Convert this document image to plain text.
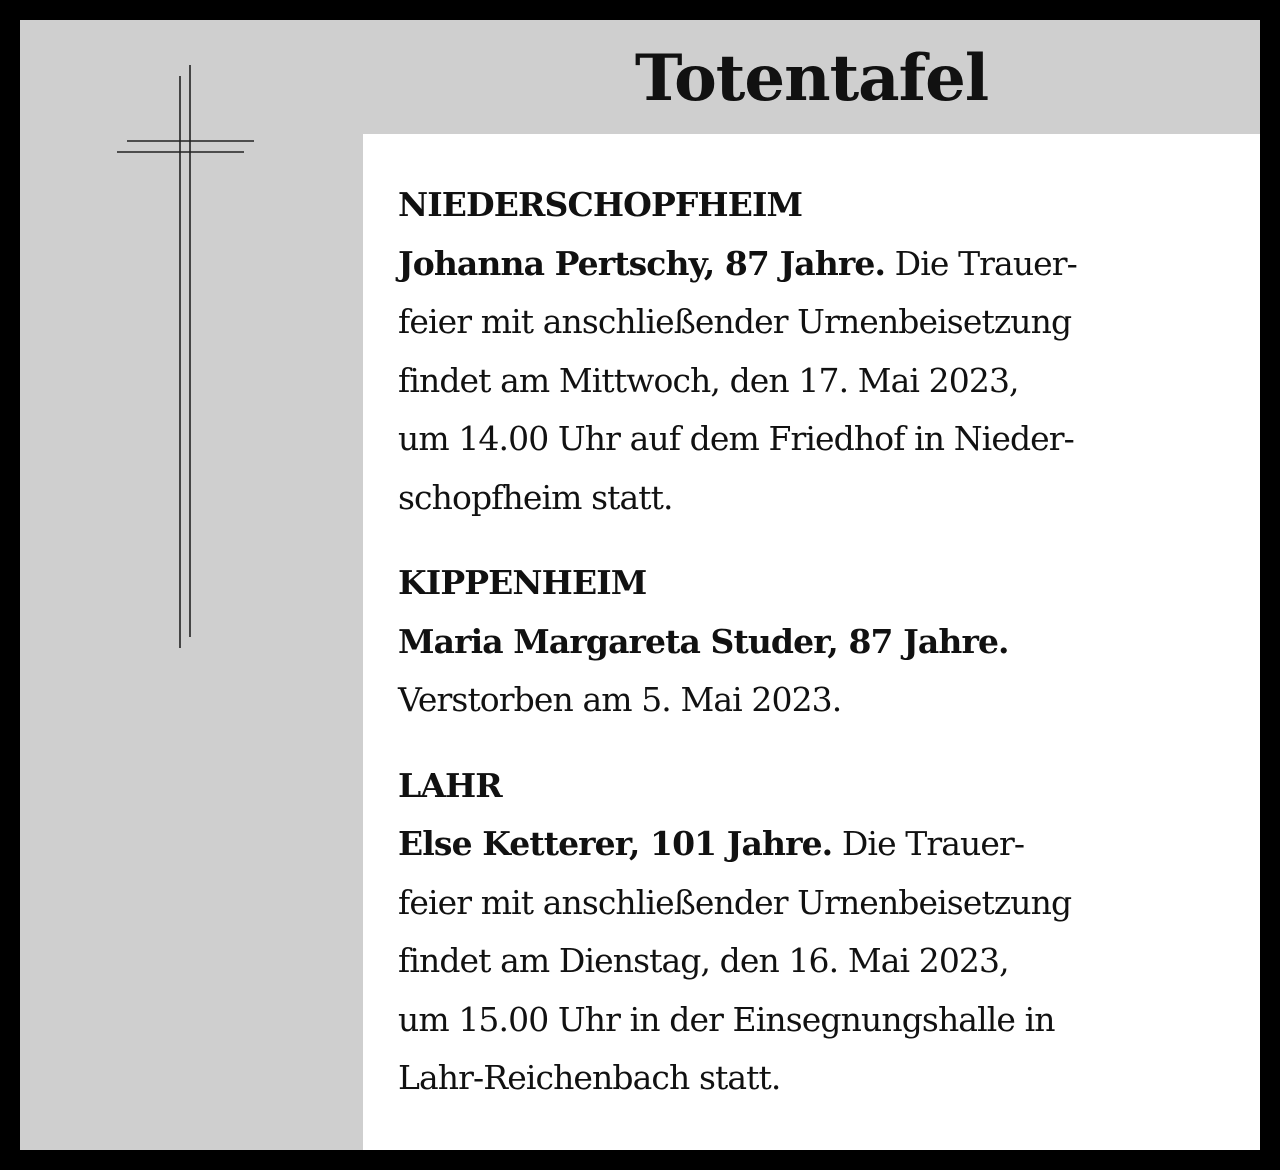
Totentafel

NIEDERSCHOPFHEIM

Johanna Pertschy, 87 Jahre. Die Trauer-
feier mit anschließender Urnenbeisetzung
findet am Mittwoch, den 17. Mai 2023,
um 14.00 Uhr auf dem Friedhof in Nieder-
schopfheim statt.

KIPPENHEIM

Maria Margareta Studer, 87 Jahre.
Verstorben am 5. Mai 2023.

LAHR

Else Ketterer, 101 Jahre. Die Trauer-
feier mit anschließender Urnenbeisetzung
findet am Dienstag, den 16. Mai 2023,
um 15.00 Uhr in der Einsegnungshalle in
Lahr-Reichenbach statt.
